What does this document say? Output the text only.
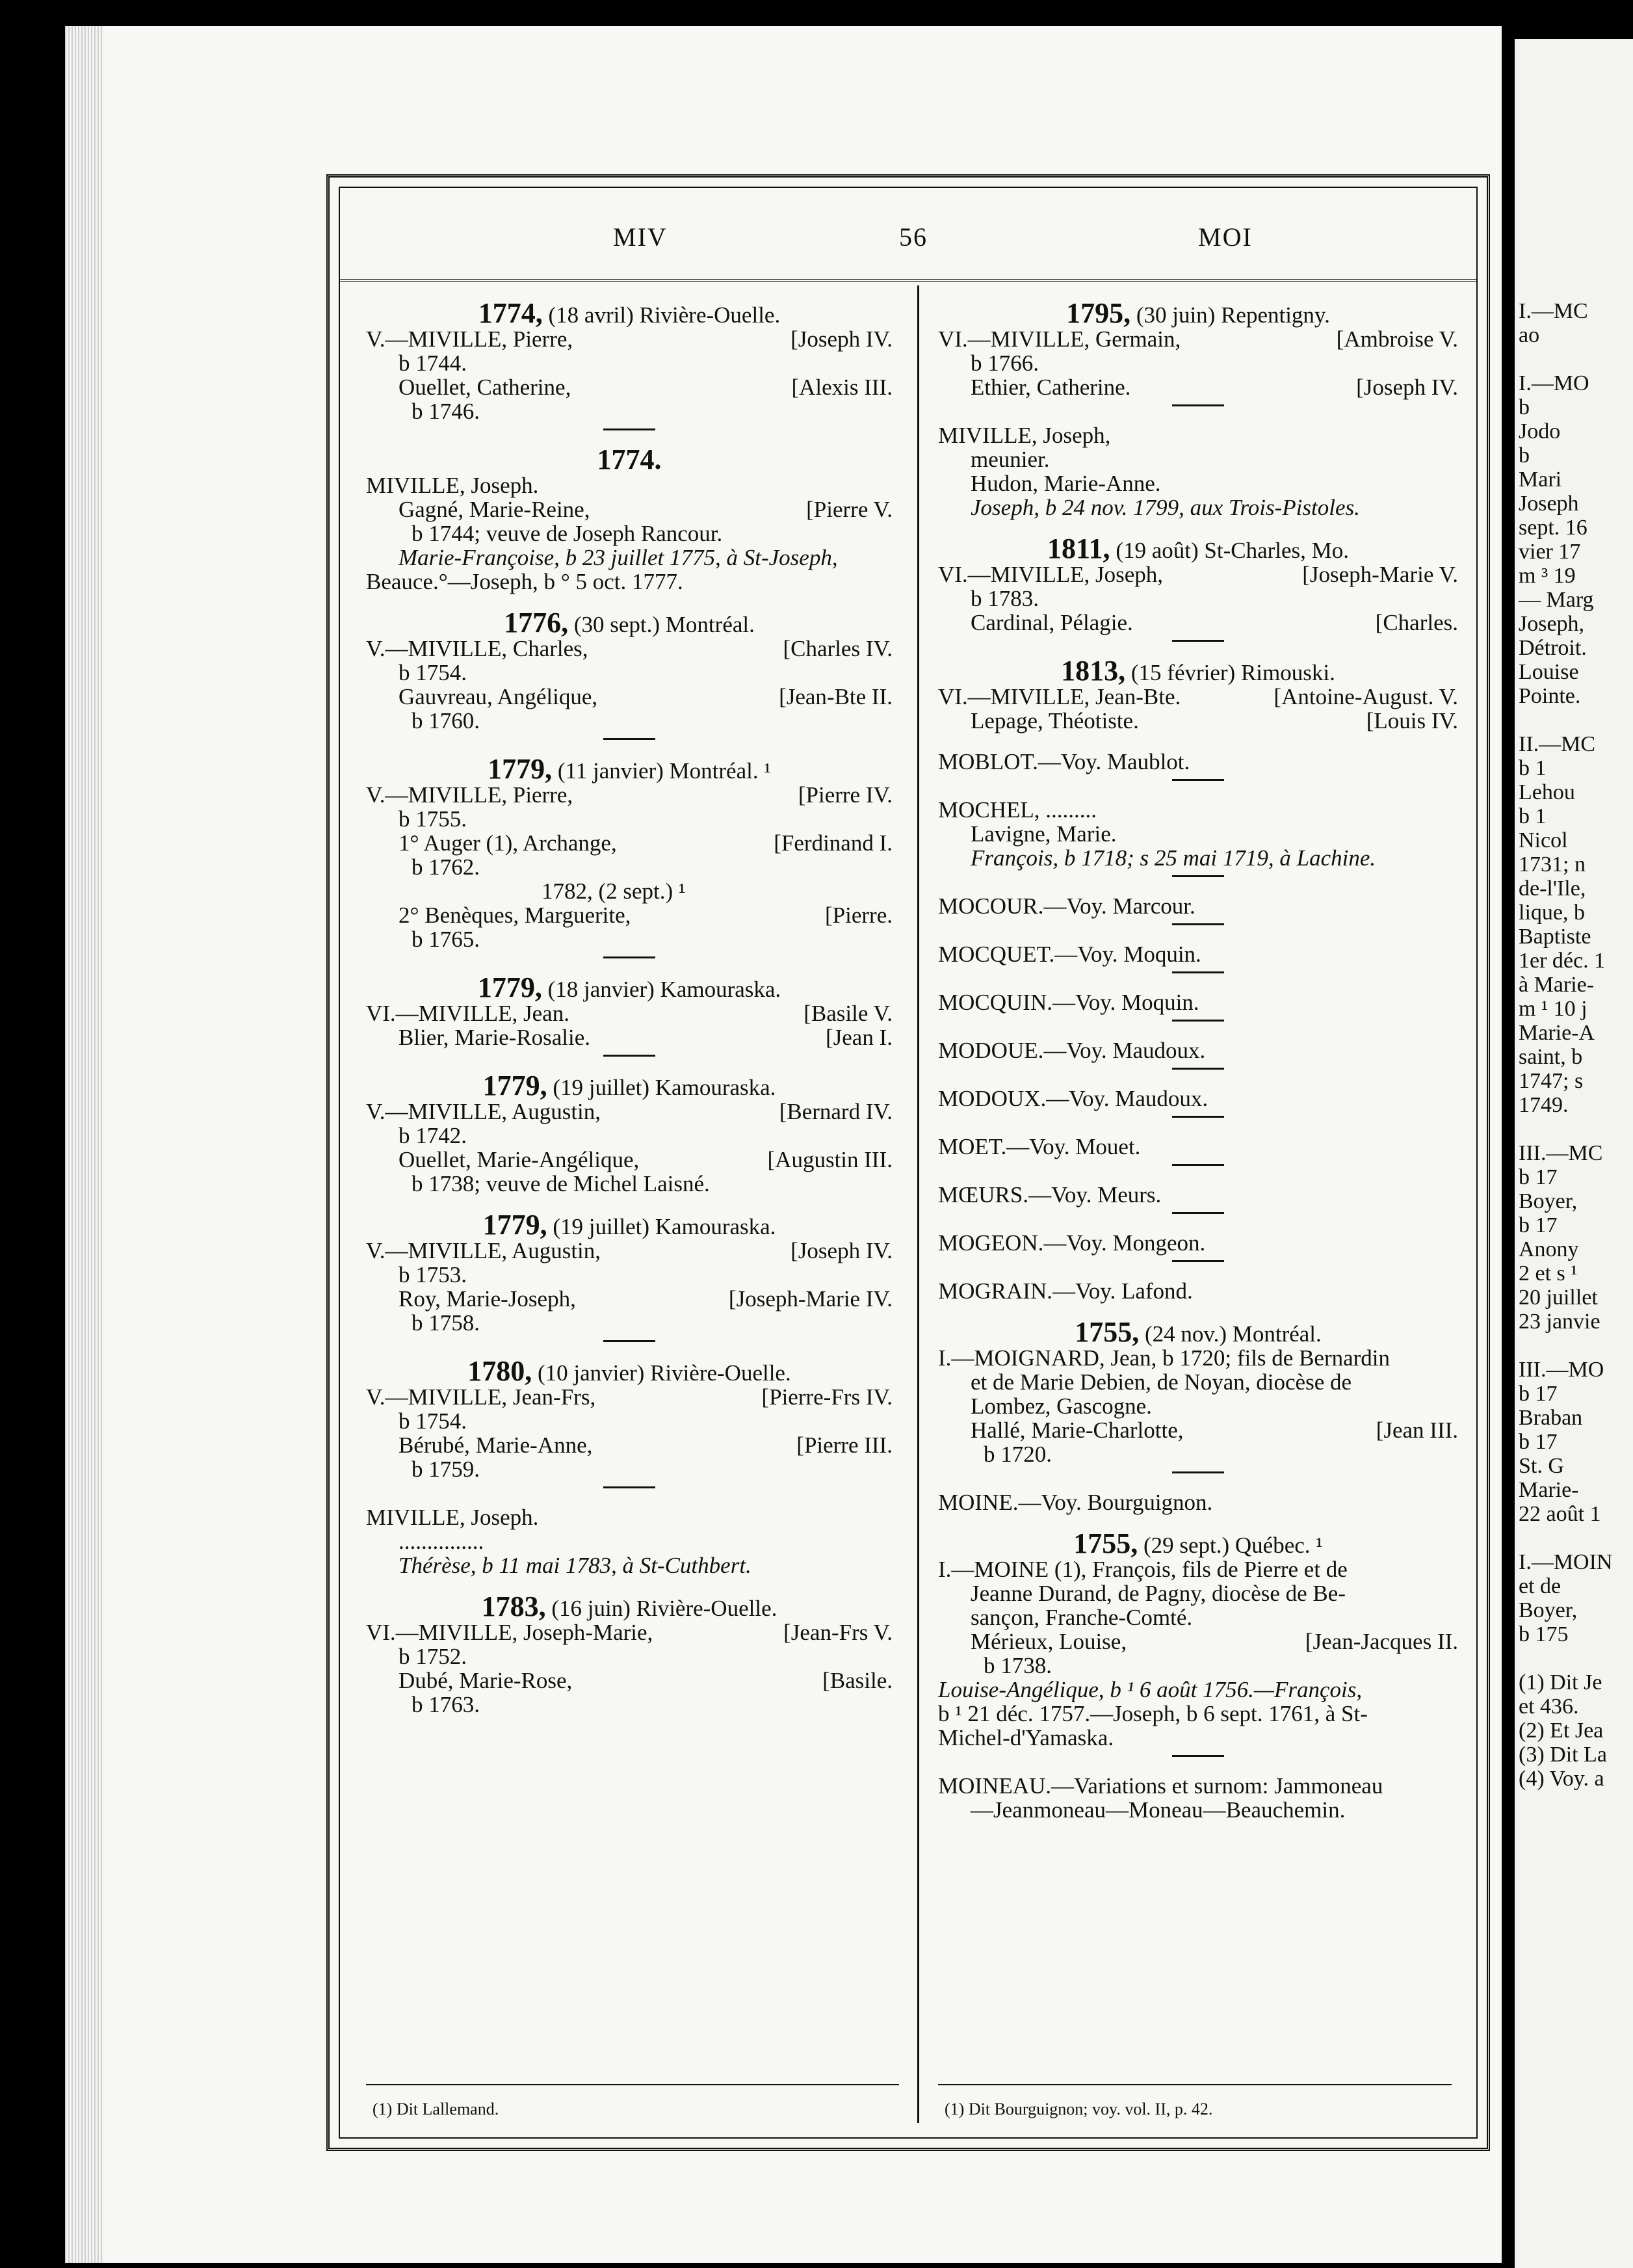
MIV	56	MOI
1774, (18 avril) Rivière-Ouelle.
V.—MIVILLE, Pierre,	[Joseph IV.
b 1744.
Ouellet, Catherine,	[Alexis III.
b 1746.
1774.
MIVILLE, Joseph.
Gagné, Marie-Reine,	[Pierre V.
b 1744; veuve de Joseph Rancour.
Marie-Françoise, b 23 juillet 1775, à St-Joseph,
Beauce.°—Joseph, b ° 5 oct. 1777.
1776, (30 sept.) Montréal.
V.—MIVILLE, Charles,	[Charles IV.
b 1754.
Gauvreau, Angélique,	[Jean-Bte II.
b 1760.
1779, (11 janvier) Montréal. ¹
V.—MIVILLE, Pierre,	[Pierre IV.
b 1755.
1° Auger (1), Archange,	[Ferdinand I.
b 1762.
1782, (2 sept.) ¹
2° Benèques, Marguerite,	[Pierre.
b 1765.
1779, (18 janvier) Kamouraska.
VI.—MIVILLE, Jean.	[Basile V.
Blier, Marie-Rosalie.	[Jean I.
1779, (19 juillet) Kamouraska.
V.—MIVILLE, Augustin,	[Bernard IV.
b 1742.
Ouellet, Marie-Angélique,	[Augustin III.
b 1738; veuve de Michel Laisné.
1779, (19 juillet) Kamouraska.
V.—MIVILLE, Augustin,	[Joseph IV.
b 1753.
Roy, Marie-Joseph,	[Joseph-Marie IV.
b 1758.
1780, (10 janvier) Rivière-Ouelle.
V.—MIVILLE, Jean-Frs,	[Pierre-Frs IV.
b 1754.
Bérubé, Marie-Anne,	[Pierre III.
b 1759.
MIVILLE, Joseph.
...............
Thérèse, b 11 mai 1783, à St-Cuthbert.
1783, (16 juin) Rivière-Ouelle.
VI.—MIVILLE, Joseph-Marie,	[Jean-Frs V.
b 1752.
Dubé, Marie-Rose,	[Basile.
b 1763.
1795, (30 juin) Repentigny.
VI.—MIVILLE, Germain,	[Ambroise V.
b 1766.
Ethier, Catherine.	[Joseph IV.
MIVILLE, Joseph,
meunier.
Hudon, Marie-Anne.
Joseph, b 24 nov. 1799, aux Trois-Pistoles.
1811, (19 août) St-Charles, Mo.
VI.—MIVILLE, Joseph,	[Joseph-Marie V.
b 1783.
Cardinal, Pélagie.	[Charles.
1813, (15 février) Rimouski.
VI.—MIVILLE, Jean-Bte.	[Antoine-August. V.
Lepage, Théotiste.	[Louis IV.
MOBLOT.—Voy. Maublot.
MOCHEL, .........
Lavigne, Marie.
François, b 1718; s 25 mai 1719, à Lachine.
MOCOUR.—Voy. Marcour.
MOCQUET.—Voy. Moquin.
MOCQUIN.—Voy. Moquin.
MODOUE.—Voy. Maudoux.
MODOUX.—Voy. Maudoux.
MOET.—Voy. Mouet.
MŒURS.—Voy. Meurs.
MOGEON.—Voy. Mongeon.
MOGRAIN.—Voy. Lafond.
1755, (24 nov.) Montréal.
I.—MOIGNARD, Jean, b 1720; fils de Bernardin
et de Marie Debien, de Noyan, diocèse de
Lombez, Gascogne.
Hallé, Marie-Charlotte,	[Jean III.
b 1720.
MOINE.—Voy. Bourguignon.
1755, (29 sept.) Québec. ¹
I.—MOINE (1), François, fils de Pierre et de
Jeanne Durand, de Pagny, diocèse de Be-
sançon, Franche-Comté.
Mérieux, Louise,	[Jean-Jacques II.
b 1738.
Louise-Angélique, b ¹ 6 août 1756.—François,
b ¹ 21 déc. 1757.—Joseph, b 6 sept. 1761, à St-
Michel-d'Yamaska.
MOINEAU.—Variations et surnom: Jammoneau
—Jeanmoneau—Moneau—Beauchemin.
(1) Dit Lallemand.	(1) Dit Bourguignon; voy. vol. II, p. 42.
I.—MC
ao

I.—MO
b
Jodo
b
Mari
Joseph
sept. 16
vier 17
m ³ 19
— Marg
Joseph,
Détroit.
Louise
Pointe.

II.—MC
b 1
Lehou
b 1
Nicol
1731; n
de-l'Ile,
lique, b
Baptiste
1er déc. 1
à Marie-
m ¹ 10 j
Marie-A
saint, b
1747; s
1749.

III.—MC
b 17
Boyer,
b 17
Anony
2 et s ¹
20 juillet
23 janvie

III.—MO
b 17
Braban
b 17
St. G
Marie-
22 août 1

I.—MOIN
et de
Boyer,
b 175

(1) Dit Je
et 436.
(2) Et Jea
(3) Dit La
(4) Voy. a
